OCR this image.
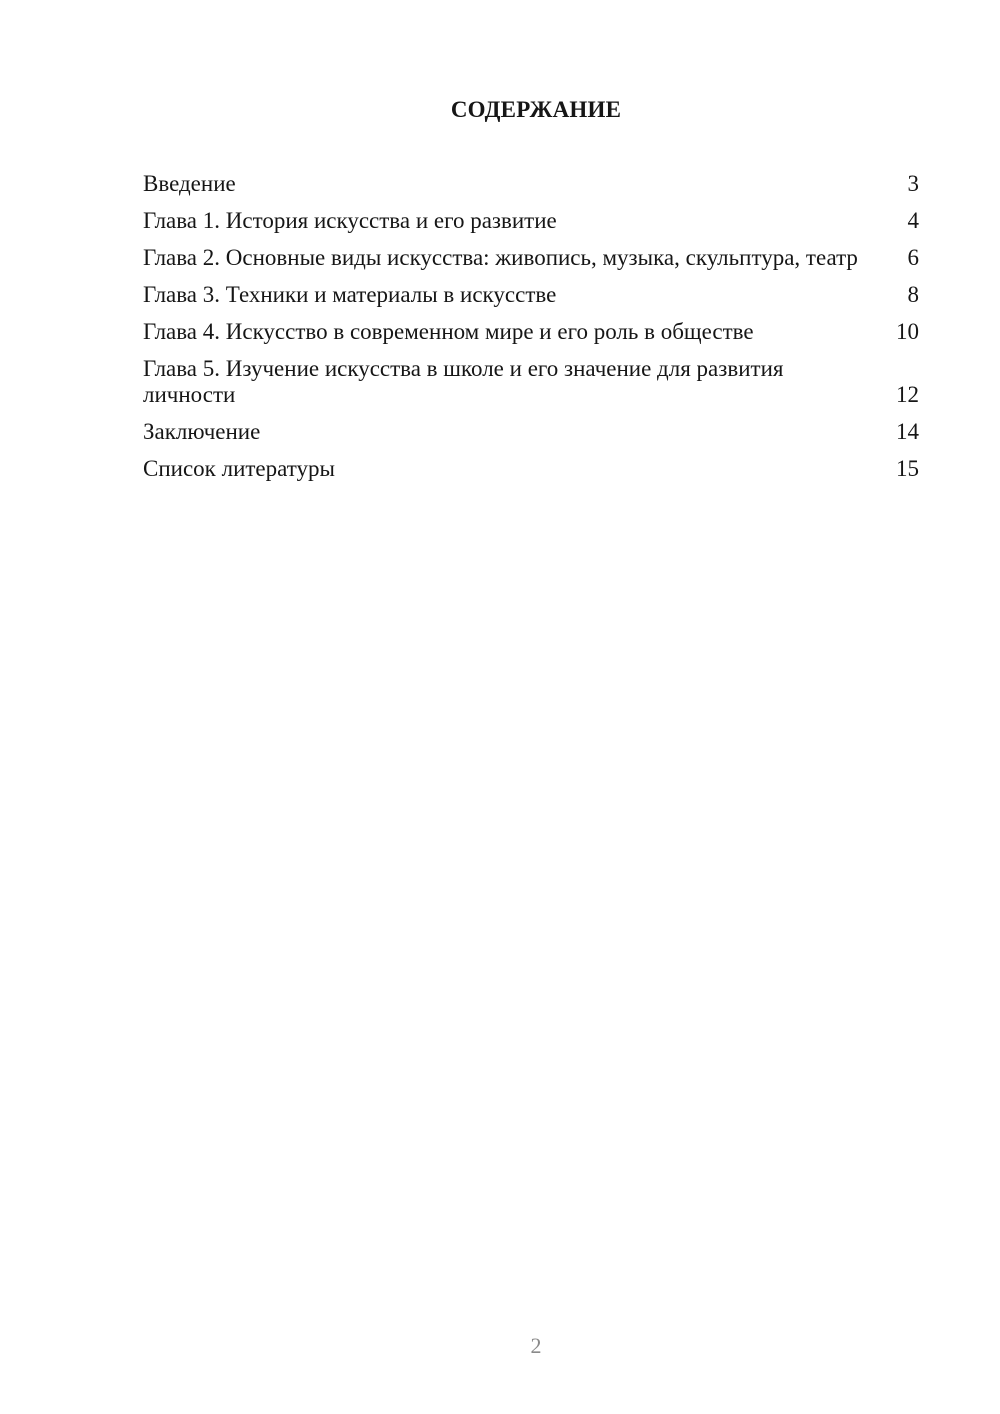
СОДЕРЖАНИЕ
Введение	3
Глава 1. История искусства и его развитие	4
Глава 2. Основные виды искусства: живопись, музыка, скульптура, театр	6
Глава 3. Техники и материалы в искусстве	8
Глава 4. Искусство в современном мире и его роль в обществе	10
Глава 5. Изучение искусства в школе и его значение для развития личности	12
Заключение	14
Список литературы	15
2
